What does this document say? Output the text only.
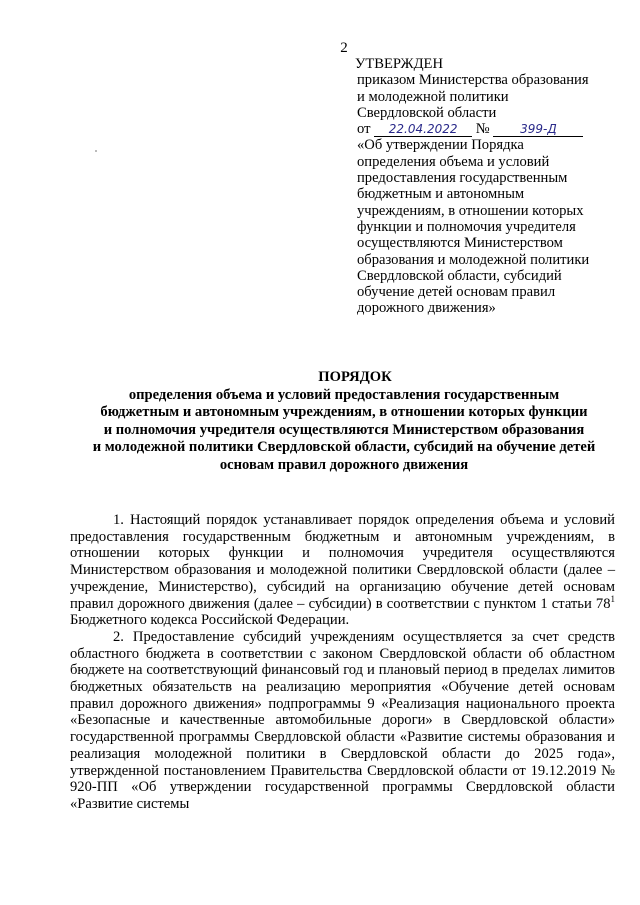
2
УТВЕРЖДЕН
приказом Министерства образования
и молодежной политики
Свердловской области
от 22.04.2022 №	399-Д
«Об утверждении Порядка
определения объема и условий
предоставления государственным
бюджетным и автономным
учреждениям, в отношении которых
функции и полномочия учредителя
осуществляются Министерством
образования и молодежной политики
Свердловской области, субсидий
обучение детей основам правил
дорожного движения»
ПОРЯДОК
определения объема и условий предоставления государственным
бюджетным и автономным учреждениям, в отношении которых функции
и полномочия учредителя осуществляются Министерством образования
и молодежной политики Свердловской области, субсидий на обучение детей
основам правил дорожного движения

1. Настоящий порядок устанавливает порядок определения объема и условий предоставления государственным бюджетным и автономным учреждениям, в отношении которых функции и полномочия учредителя осуществляются Министерством образования и молодежной политики Свердловской области (далее – учреждение, Министерство), субсидий на организацию обучение детей основам правил дорожного движения (далее – субсидии) в соответствии с пунктом 1 статьи $78^1$ Бюджетного кодекса Российской Федерации.

2. Предоставление субсидий учреждениям осуществляется за счет средств областного бюджета в соответствии с законом Свердловской области об областном бюджете на соответствующий финансовый год и плановый период в пределах лимитов бюджетных обязательств на реализацию мероприятия «Обучение детей основам правил дорожного движения» подпрограммы 9 «Реализация национального проекта «Безопасные и качественные автомобильные дороги» в Свердловской области» государственной программы Свердловской области «Развитие системы образования и реализация молодежной политики в Свердловской области до 2025 года», утвержденной постановлением Правительства Свердловской области от 19.12.2019 № 920-ПП «Об утверждении государственной программы Свердловской области «Развитие системы
